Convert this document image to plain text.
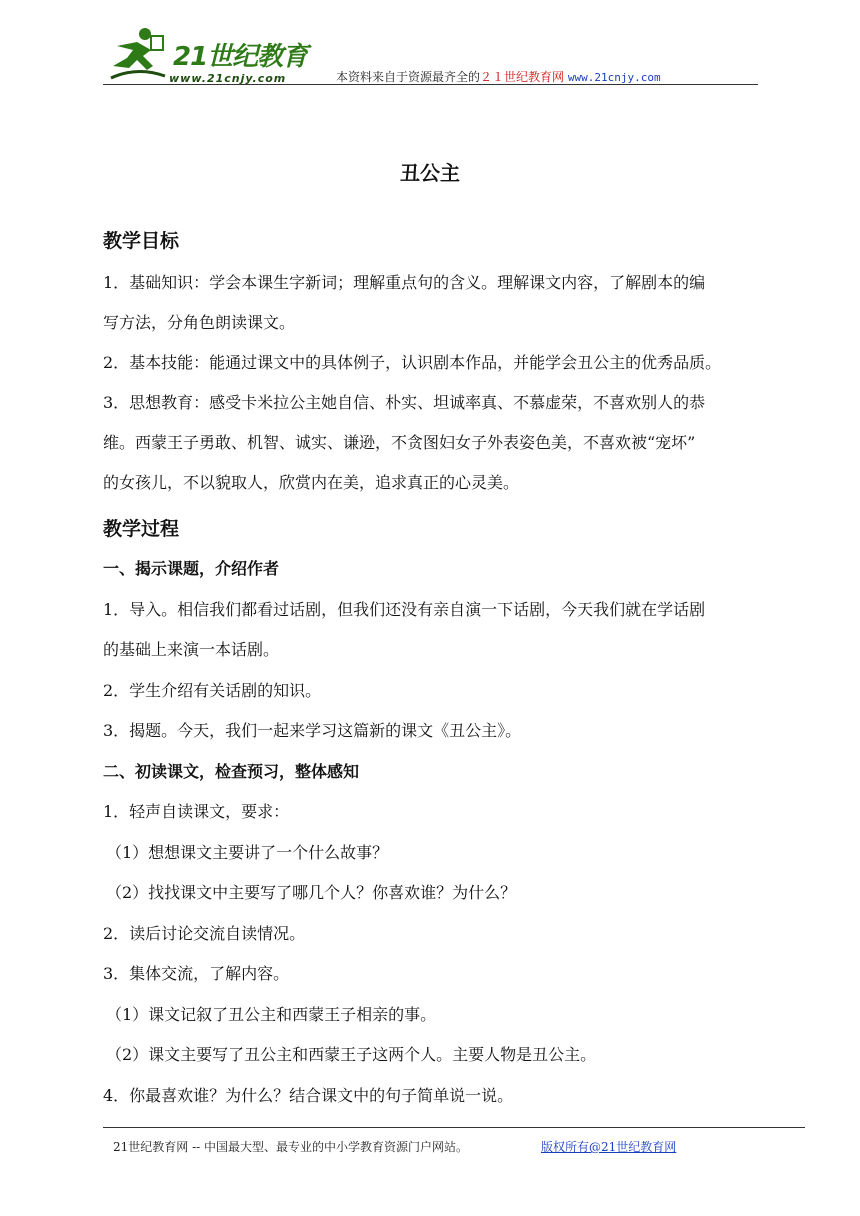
21世纪教育
www.21cnjy.com	本资料来自于资源最齐全的２１世纪教育网 www.21cnjy.com
丑公主
教学目标
1．基础知识：学会本课生字新词；理解重点句的含义。理解课文内容，了解剧本的编
写方法，分角色朗读课文。
2．基本技能：能通过课文中的具体例子，认识剧本作品，并能学会丑公主的优秀品质。
3．思想教育：感受卡米拉公主她自信、朴实、坦诚率真、不慕虚荣，不喜欢别人的恭
维。西蒙王子勇敢、机智、诚实、谦逊，不贪图妇女子外表姿色美，不喜欢被“宠坏”
的女孩儿，不以貌取人，欣赏内在美，追求真正的心灵美。
教学过程
一、揭示课题，介绍作者
1．导入。相信我们都看过话剧，但我们还没有亲自演一下话剧，今天我们就在学话剧
的基础上来演一本话剧。
2．学生介绍有关话剧的知识。
3．揭题。今天，我们一起来学习这篇新的课文《丑公主》。
二、初读课文，检查预习，整体感知
1．轻声自读课文，要求：
（1）想想课文主要讲了一个什么故事？
（2）找找课文中主要写了哪几个人？你喜欢谁？为什么？
2．读后讨论交流自读情况。
3．集体交流，了解内容。
（1）课文记叙了丑公主和西蒙王子相亲的事。
（2）课文主要写了丑公主和西蒙王子这两个人。主要人物是丑公主。
4．你最喜欢谁？为什么？结合课文中的句子简单说一说。
21世纪教育网 -- 中国最大型、最专业的中小学教育资源门户网站。	版权所有@21世纪教育网
